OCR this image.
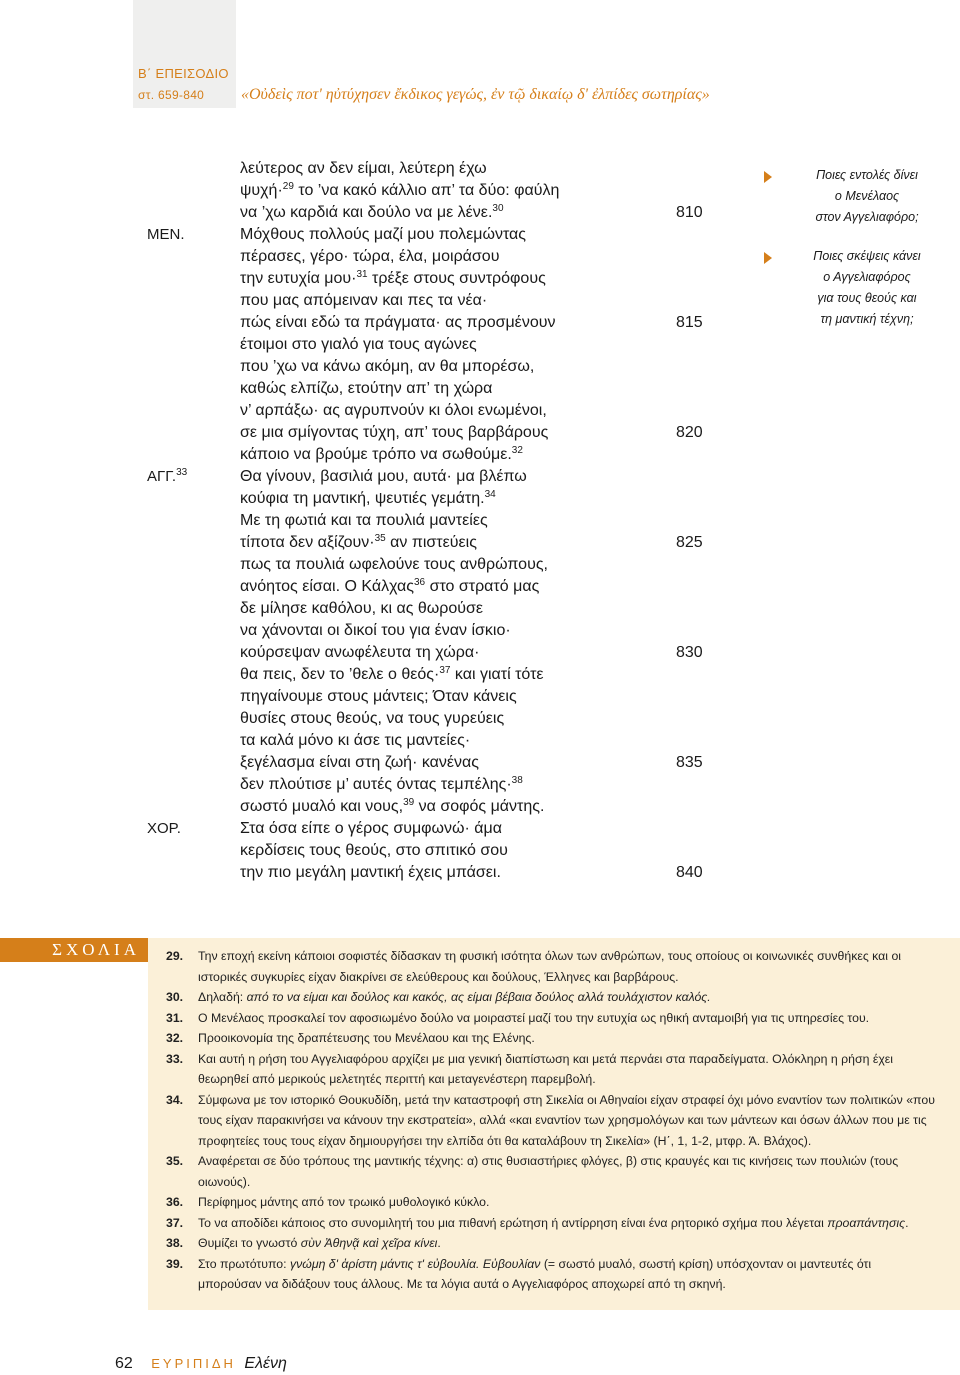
Β΄ ΕΠΕΙΣΟΔΙΟ
στ. 659-840 «Οὐδεὶς ποτ' ηὐτύχησεν ἔκδικος γεγώς, ἐν τῷ δικαίῳ δ' ἐλπίδες σωτηρίας»
λεύτερος αν δεν είμαι, λεύτερη έχω
ψυχή·$^{29}$ το ’να κακό κάλλιο απ’ τα δύο: φαύλη
να ’χω καρδιά και δούλο να με λένε.$^{30}$	810
ΜΕΝ.	Μόχθους πολλούς μαζί μου πολεμώντας
πέρασες, γέρο· τώρα, έλα, μοιράσου
την ευτυχία μου·$^{31}$ τρέξε στους συντρόφους
που μας απόμειναν και πες τα νέα·
πώς είναι εδώ τα πράγματα· ας προσμένουν	815
έτοιμοι στο γιαλό για τους αγώνες
που ’χω να κάνω ακόμη, αν θα μπορέσω,
καθώς ελπίζω, ετούτην απ’ τη χώρα
ν’ αρπάξω· ας αγρυπνούν κι όλοι ενωμένοι,
σε μια σμίγοντας τύχη, απ’ τους βαρβάρους	820
κάποιο να βρούμε τρόπο να σωθούμε.$^{32}$
ΑΓΓ.$^{33}$	Θα γίνουν, βασιλιά μου, αυτά· μα βλέπω
κούφια τη μαντική, ψευτιές γεμάτη.$^{34}$
Με τη φωτιά και τα πουλιά μαντείες
τίποτα δεν αξίζουν·$^{35}$ αν πιστεύεις	825
πως τα πουλιά ωφελούνε τους ανθρώπους,
ανόητος είσαι. Ο Κάλχας$^{36}$ στο στρατό μας
δε μίλησε καθόλου, κι ας θωρούσε
να χάνονται οι δικοί του για έναν ίσκιο·
κούρσεψαν ανωφέλευτα τη χώρα·	830
θα πεις, δεν το ’θελε ο θεός·$^{37}$ και γιατί τότε
πηγαίνουμε στους μάντεις; Όταν κάνεις
θυσίες στους θεούς, να τους γυρεύεις
τα καλά μόνο κι άσε τις μαντείες·
ξεγέλασμα είναι στη ζωή· κανένας	835
δεν πλούτισε μ’ αυτές όντας τεμπέλης·$^{38}$
σωστό μυαλό και νους,$^{39}$ να σοφός μάντης.
ΧΟΡ.	Στα όσα είπε ο γέρος συμφωνώ· άμα
κερδίσεις τους θεούς, στο σπιτικό σου
την πιο μεγάλη μαντική έχεις μπάσει.	840
Ποιες εντολές δίνει
ο Μενέλαος
στον Αγγελιαφόρο;
Ποιες σκέψεις κάνει
ο Αγγελιαφόρος
για τους θεούς και
τη μαντική τέχνη;
ΣΧΟΛΙΑ	29. Την εποχή εκείνη κάποιοι σοφιστές δίδασκαν τη φυσική ισότητα όλων των ανθρώπων, τους οποίους οι κοινωνικές συνθήκες και οι ιστορικές συγκυρίες είχαν διακρίνει σε ελεύθερους και δούλους, Έλληνες και βαρβάρους.
30. Δηλαδή: από το να είμαι και δούλος και κακός, ας είμαι βέβαια δούλος αλλά τουλάχιστον καλός.
31. Ο Μενέλαος προσκαλεί τον αφοσιωμένο δούλο να μοιραστεί μαζί του την ευτυχία ως ηθική ανταμοιβή για τις υπηρεσίες του.
32. Προοικονομία της δραπέτευσης του Μενέλαου και της Ελένης.
33. Και αυτή η ρήση του Αγγελιαφόρου αρχίζει με μια γενική διαπίστωση και μετά περνάει στα παραδείγματα. Ολόκληρη η ρήση έχει θεωρηθεί από μερικούς μελετητές περιττή και μεταγενέστερη παρεμβολή.
34. Σύμφωνα με τον ιστορικό Θουκυδίδη, μετά την καταστροφή στη Σικελία οι Αθηναίοι είχαν στραφεί όχι μόνο εναντίον των πολιτικών «που τους είχαν παρακινήσει να κάνουν την εκστρατεία», αλλά «και εναντίον των χρησμολόγων και των μάντεων και όσων άλλων που με τις προφητείες τους τους είχαν δημιουργήσει την ελπίδα ότι θα καταλάβουν τη Σικελία» (Η΄, 1, 1-2, μτφρ. Ά. Βλάχος).
35. Αναφέρεται σε δύο τρόπους της μαντικής τέχνης: α) στις θυσιαστήριες φλόγες, β) στις κραυγές και τις κινήσεις των πουλιών (τους οιωνούς).
36. Περίφημος μάντης από τον τρωικό μυθολογικό κύκλο.
37. Το να αποδίδει κάποιος στο συνομιλητή του μια πιθανή ερώτηση ή αντίρρηση είναι ένα ρητορικό σχήμα που λέγεται προαπάντησις.
38. Θυμίζει το γνωστό σὺν Ἀθηνᾷ καὶ χεῖρα κίνει.
39. Στο πρωτότυπο: γνώμη δ' ἀρίστη μάντις τ' εὐβουλία. Εὐβουλίαν (= σωστό μυαλό, σωστή κρίση) υπόσχονταν οι μαντευτές ότι μπορούσαν να διδάξουν τους άλλους. Με τα λόγια αυτά ο Αγγελιαφόρος αποχωρεί από τη σκηνή.
62 ΕΥΡΙΠΙΔΗ Ελένη
